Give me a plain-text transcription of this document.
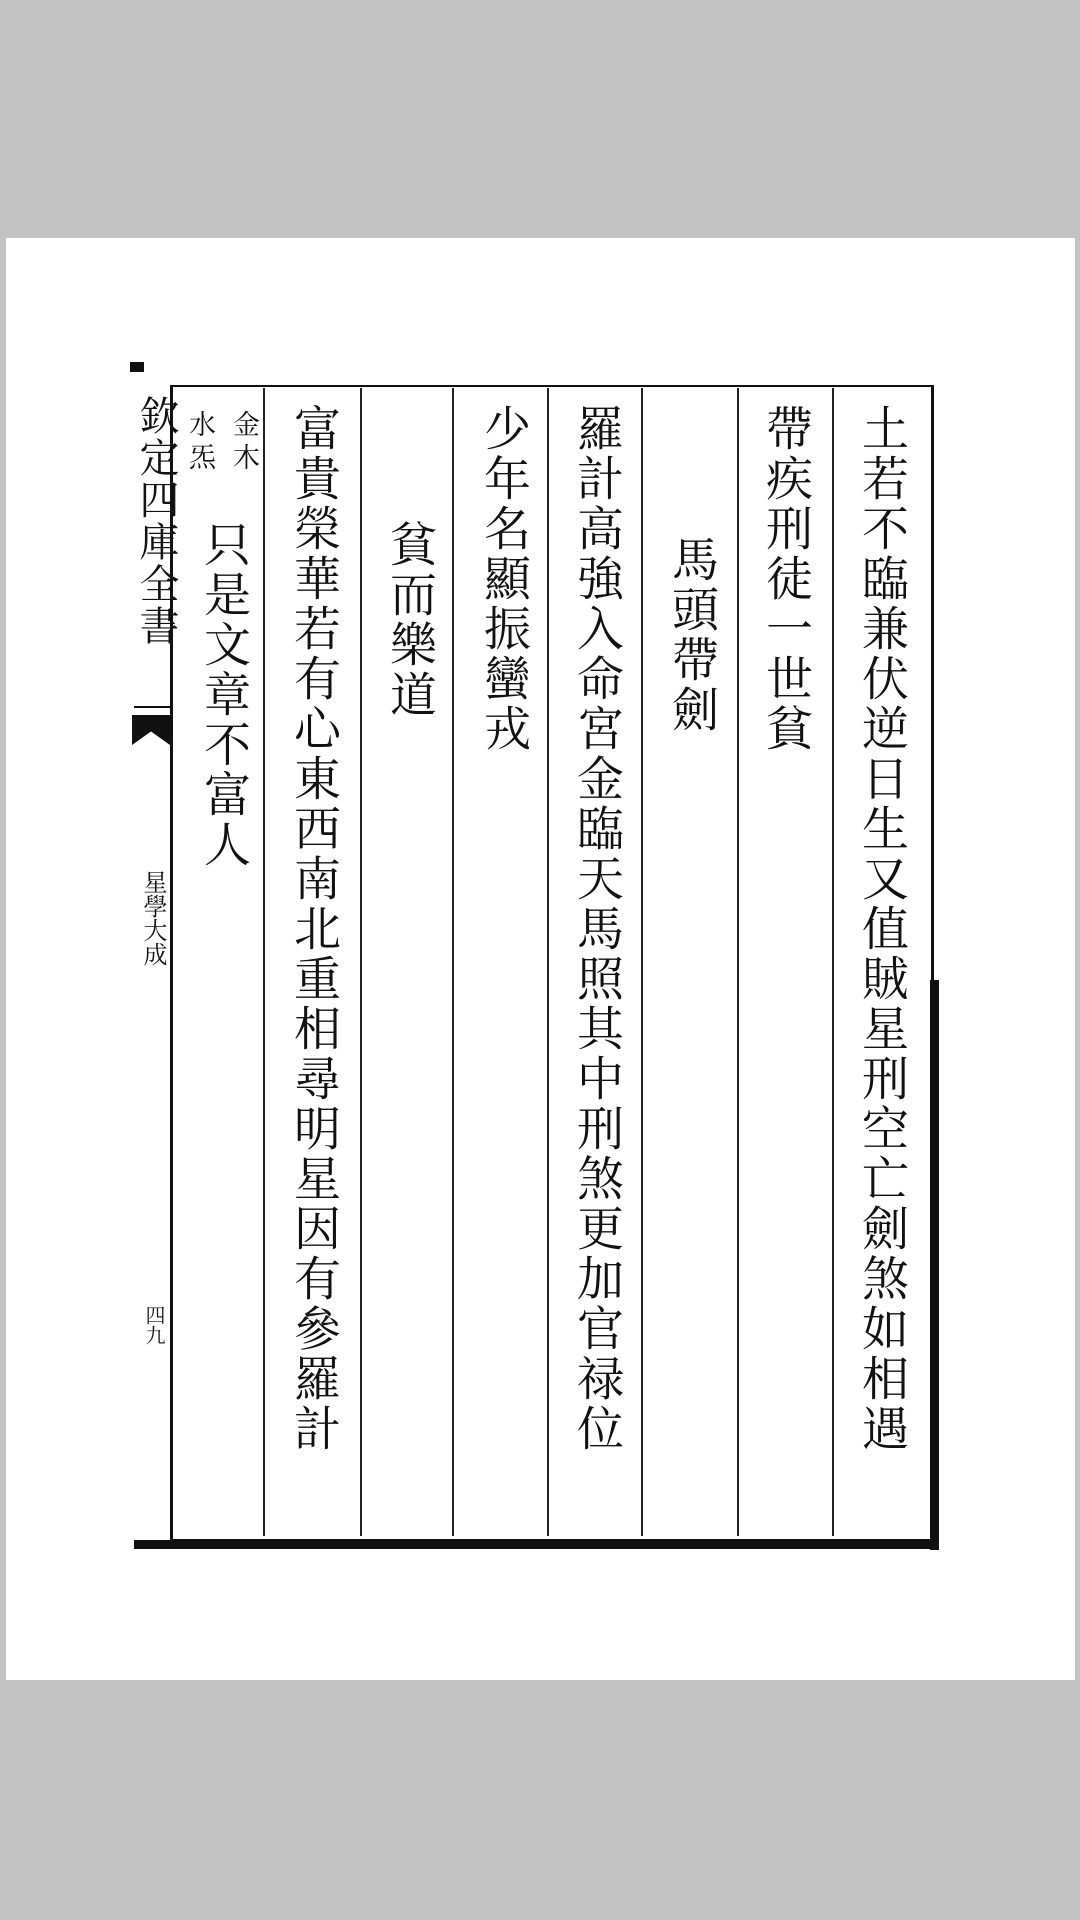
欽定四庫全書
星學大成
四九	土若不臨兼伏逆日生又值賊星刑空亡劍煞如相遇
帶疾刑徒一世貧
馬頭帶劍
羅計高強入命宮金臨天馬照其中刑煞更加官禄位
少年名顯振蠻戎
貧而樂道
富貴榮華若有心東西南北重相尋明星因有參羅計
金木
水炁
只是文章不富人
